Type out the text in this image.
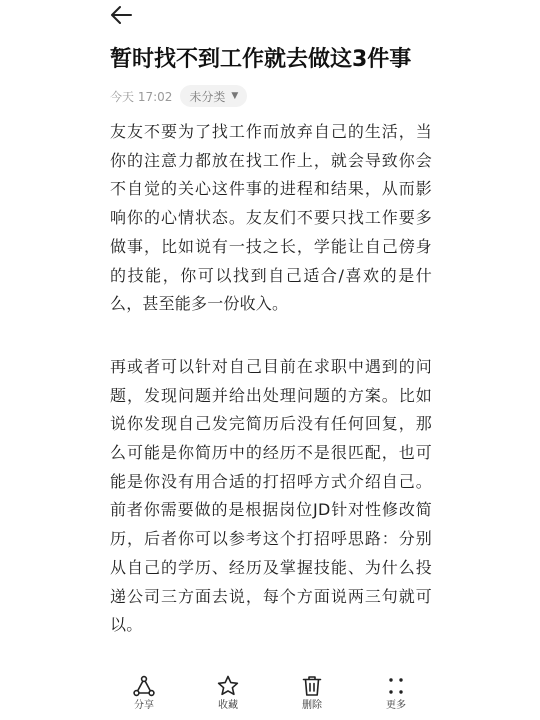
暂时找不到工作就去做这3件事
今天 17:02 未分类 ▼

友友不要为了找工作而放弃自己的生活，当你的注意力都放在找工作上，就会导致你会不自觉的关心这件事的进程和结果，从而影响你的心情状态。友友们不要只找工作要多做事，比如说有一技之长，学能让自己傍身的技能，你可以找到自己适合/喜欢的是什么，甚至能多一份收入。

再或者可以针对自己目前在求职中遇到的问题，发现问题并给出处理问题的方案。比如说你发现自己发完简历后没有任何回复，那么可能是你简历中的经历不是很匹配，也可能是你没有用合适的打招呼方式介绍自己。前者你需要做的是根据岗位JD针对性修改简历，后者你可以参考这个打招呼思路：分别从自己的学历、经历及掌握技能、为什么投递公司三方面去说，每个方面说两三句就可以。

分享	收藏	删除	更多
